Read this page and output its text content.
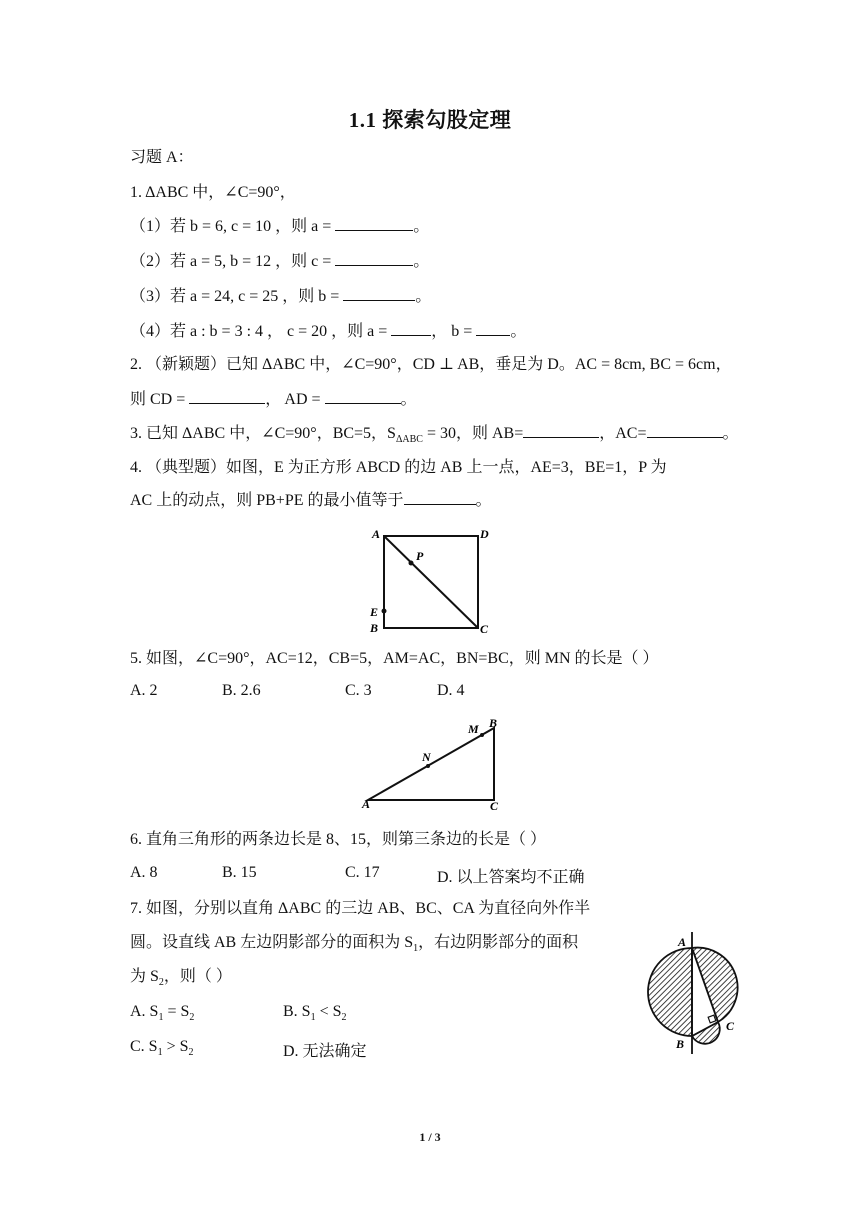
1.1 探索勾股定理
习题 A：
1. ΔABC 中，∠C=90°，
（1）若 b = 6, c = 10 ，则 a =	。
（2）若 a = 5, b = 12 ，则 c =	。
（3）若 a = 24, c = 25 ，则 b =	。
（4）若 a : b = 3 : 4 ， c = 20 ，则 a =	， b = 。
2. （新颖题）已知 ΔABC 中，∠C=90°，CD ⊥ AB，垂足为 D。AC = 8cm, BC = 6cm，
则 CD =	， AD =	。
3. 已知 ΔABC 中，∠C=90°，BC=5，$S_{\Delta ABC} = 30$，则 AB=	，AC=	。
4. （典型题）如图，E 为正方形 ABCD 的边 AB 上一点，AE=3，BE=1，P 为
AC 上的动点，则 PB+PE 的最小值等于	。
A	D
P
E
B	C
5. 如图，∠C=90°，AC=12，CB=5，AM=AC，BN=BC，则 MN 的长是（ ）
A. 2	B. 2.6	C. 3	D. 4
A
B
C
M
N
6. 直角三角形的两条边长是 8、15，则第三条边的长是（ ）
A. 8	B. 15	C. 17	D. 以上答案均不正确
7. 如图，分别以直角 ΔABC 的三边 AB、BC、CA 为直径向外作半
圆。设直线 AB 左边阴影部分的面积为 $S_1$，右边阴影部分的面积
为 $S_2$，则（ ）
A. $S_1 = S_2$	B. $S_1 < S_2$
C. $S_1 > S_2$	D. 无法确定
A
B
C
1 / 3
